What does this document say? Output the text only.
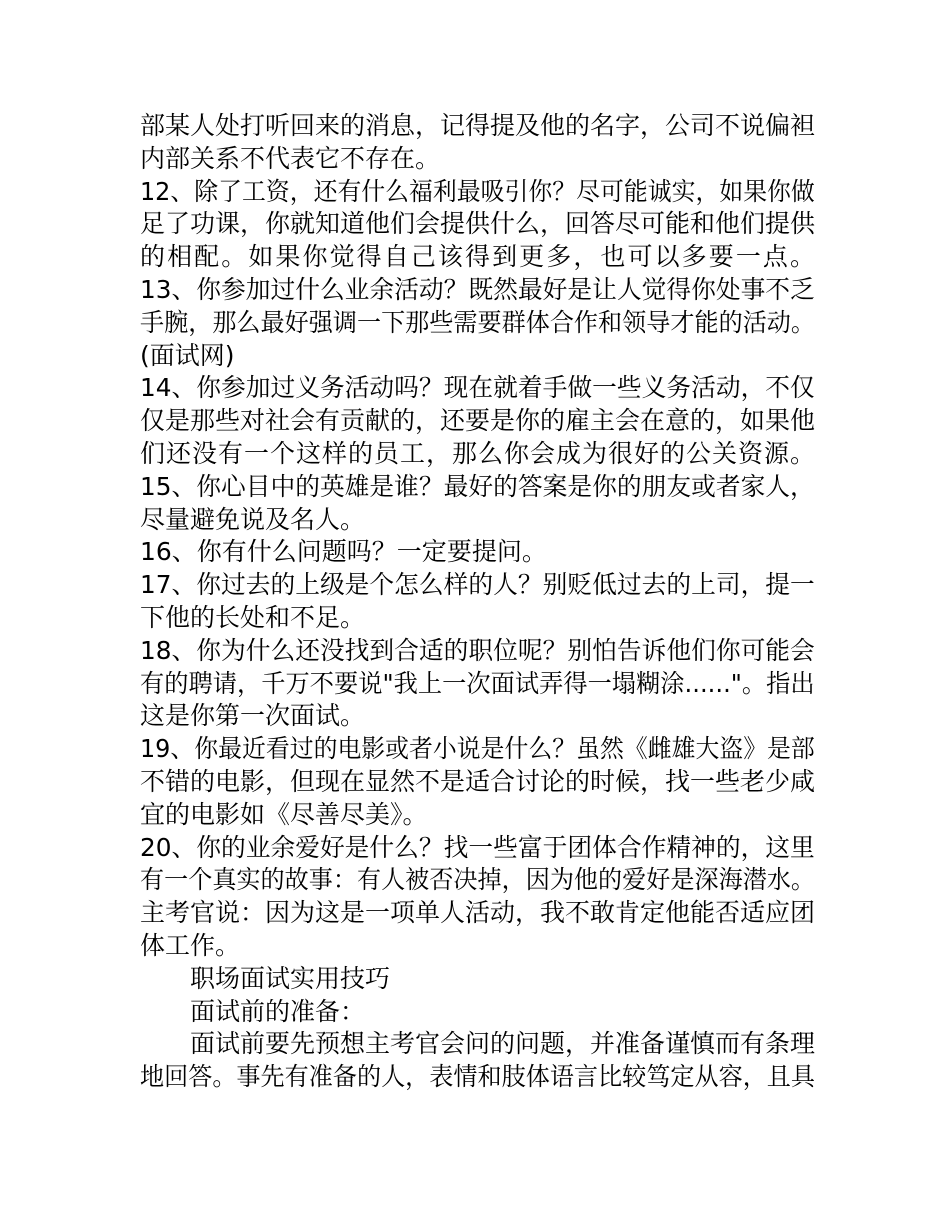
部某人处打听回来的消息，记得提及他的名字，公司不说偏袒
内部关系不代表它不存在。
12、除了工资，还有什么福利最吸引你？尽可能诚实，如果你做
足了功课，你就知道他们会提供什么，回答尽可能和他们提供
的相配。如果你觉得自己该得到更多，也可以多要一点。
13、你参加过什么业余活动？既然最好是让人觉得你处事不乏
手腕，那么最好强调一下那些需要群体合作和领导才能的活动。
(面试网)
14、你参加过义务活动吗？现在就着手做一些义务活动，不仅
仅是那些对社会有贡献的，还要是你的雇主会在意的，如果他
们还没有一个这样的员工，那么你会成为很好的公关资源。
15、你心目中的英雄是谁？最好的答案是你的朋友或者家人，
尽量避免说及名人。
16、你有什么问题吗？一定要提问。
17、你过去的上级是个怎么样的人？别贬低过去的上司，提一
下他的长处和不足。
18、你为什么还没找到合适的职位呢？别怕告诉他们你可能会
有的聘请，千万不要说"我上一次面试弄得一塌糊涂......"。指出
这是你第一次面试。
19、你最近看过的电影或者小说是什么？虽然《雌雄大盗》是部
不错的电影，但现在显然不是适合讨论的时候，找一些老少咸
宜的电影如《尽善尽美》。
20、你的业余爱好是什么？找一些富于团体合作精神的，这里
有一个真实的故事：有人被否决掉，因为他的爱好是深海潜水。
主考官说：因为这是一项单人活动，我不敢肯定他能否适应团
体工作。
职场面试实用技巧
面试前的准备：
面试前要先预想主考官会问的问题，并准备谨慎而有条理
地回答。事先有准备的人，表情和肢体语言比较笃定从容，且具
